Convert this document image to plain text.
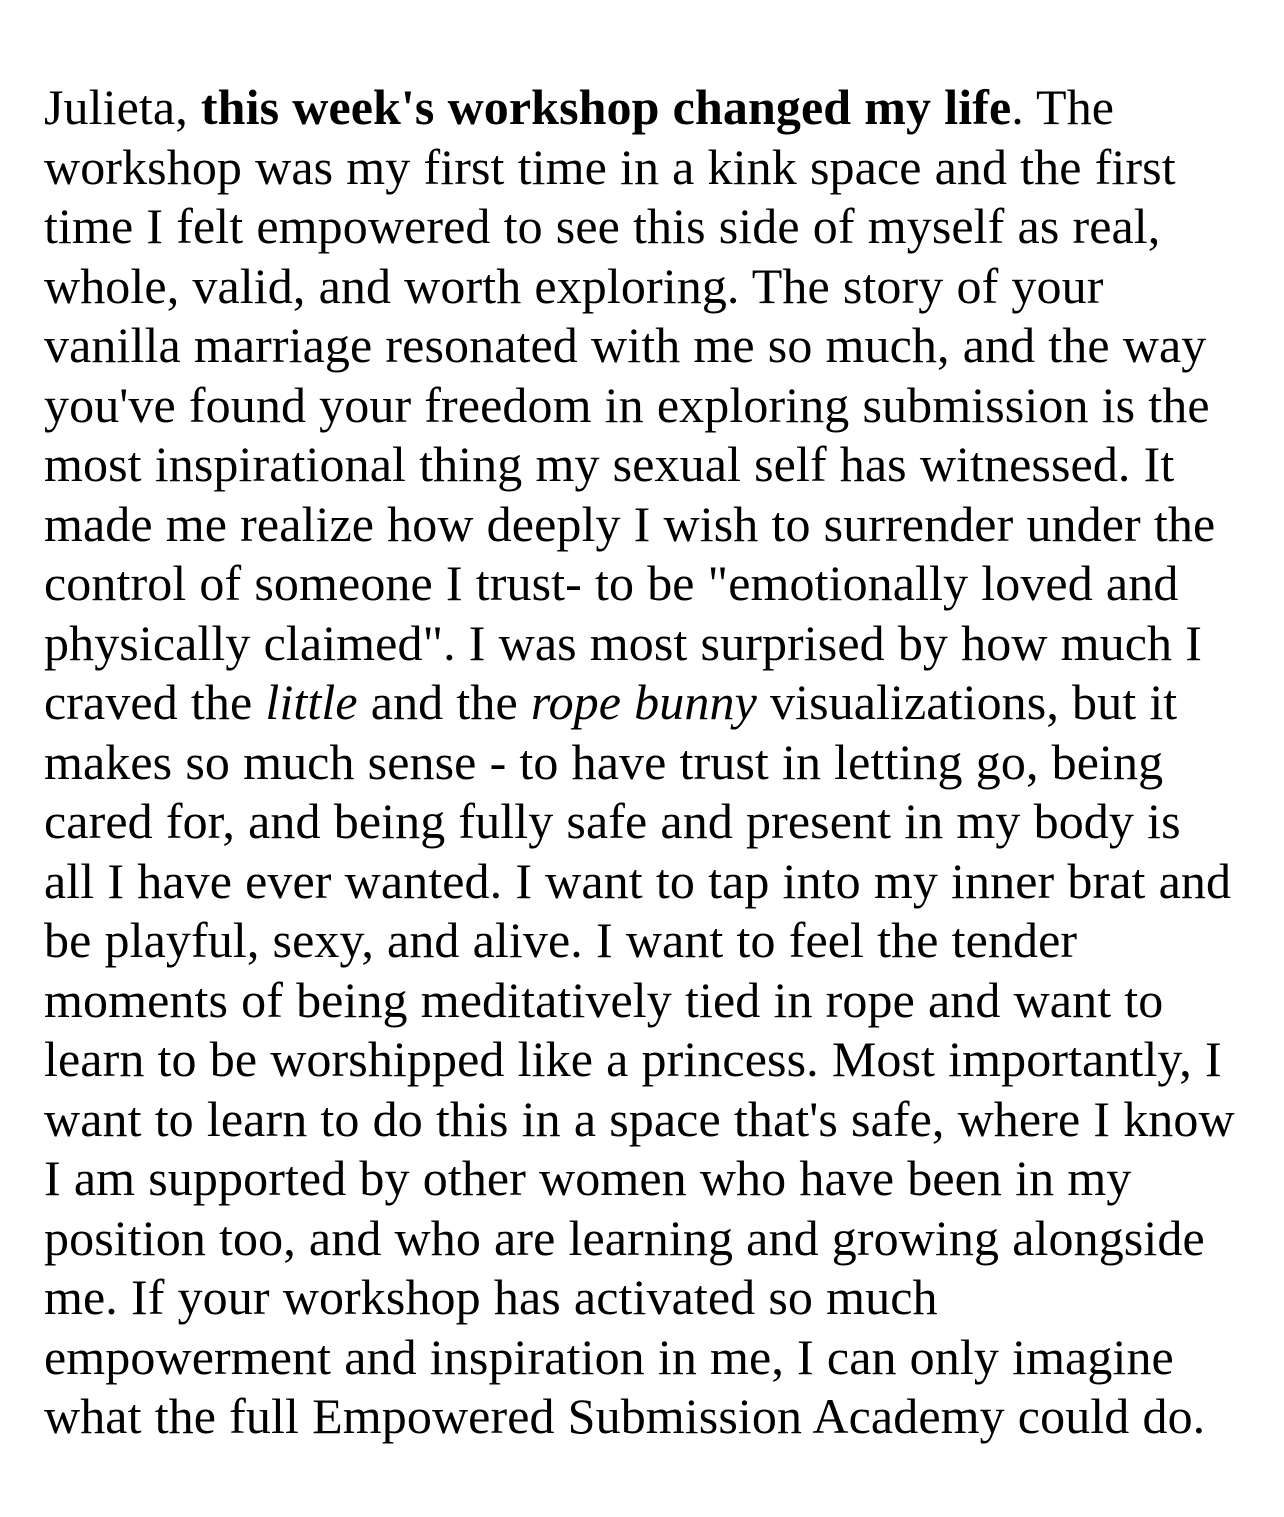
Julieta, this week's workshop changed my life. The workshop was my first time in a kink space and the first time I felt empowered to see this side of myself as real, whole, valid, and worth exploring. The story of your vanilla marriage resonated with me so much, and the way you've found your freedom in exploring submission is the most inspirational thing my sexual self has witnessed. It made me realize how deeply I wish to surrender under the control of someone I trust- to be "emotionally loved and physically claimed". I was most surprised by how much I craved the little and the rope bunny visualizations, but it makes so much sense - to have trust in letting go, being cared for, and being fully safe and present in my body is all I have ever wanted. I want to tap into my inner brat and be playful, sexy, and alive. I want to feel the tender moments of being meditatively tied in rope and want to learn to be worshipped like a princess. Most importantly, I want to learn to do this in a space that's safe, where I know I am supported by other women who have been in my position too, and who are learning and growing alongside me. If your workshop has activated so much empowerment and inspiration in me, I can only imagine what the full Empowered Submission Academy could do.
